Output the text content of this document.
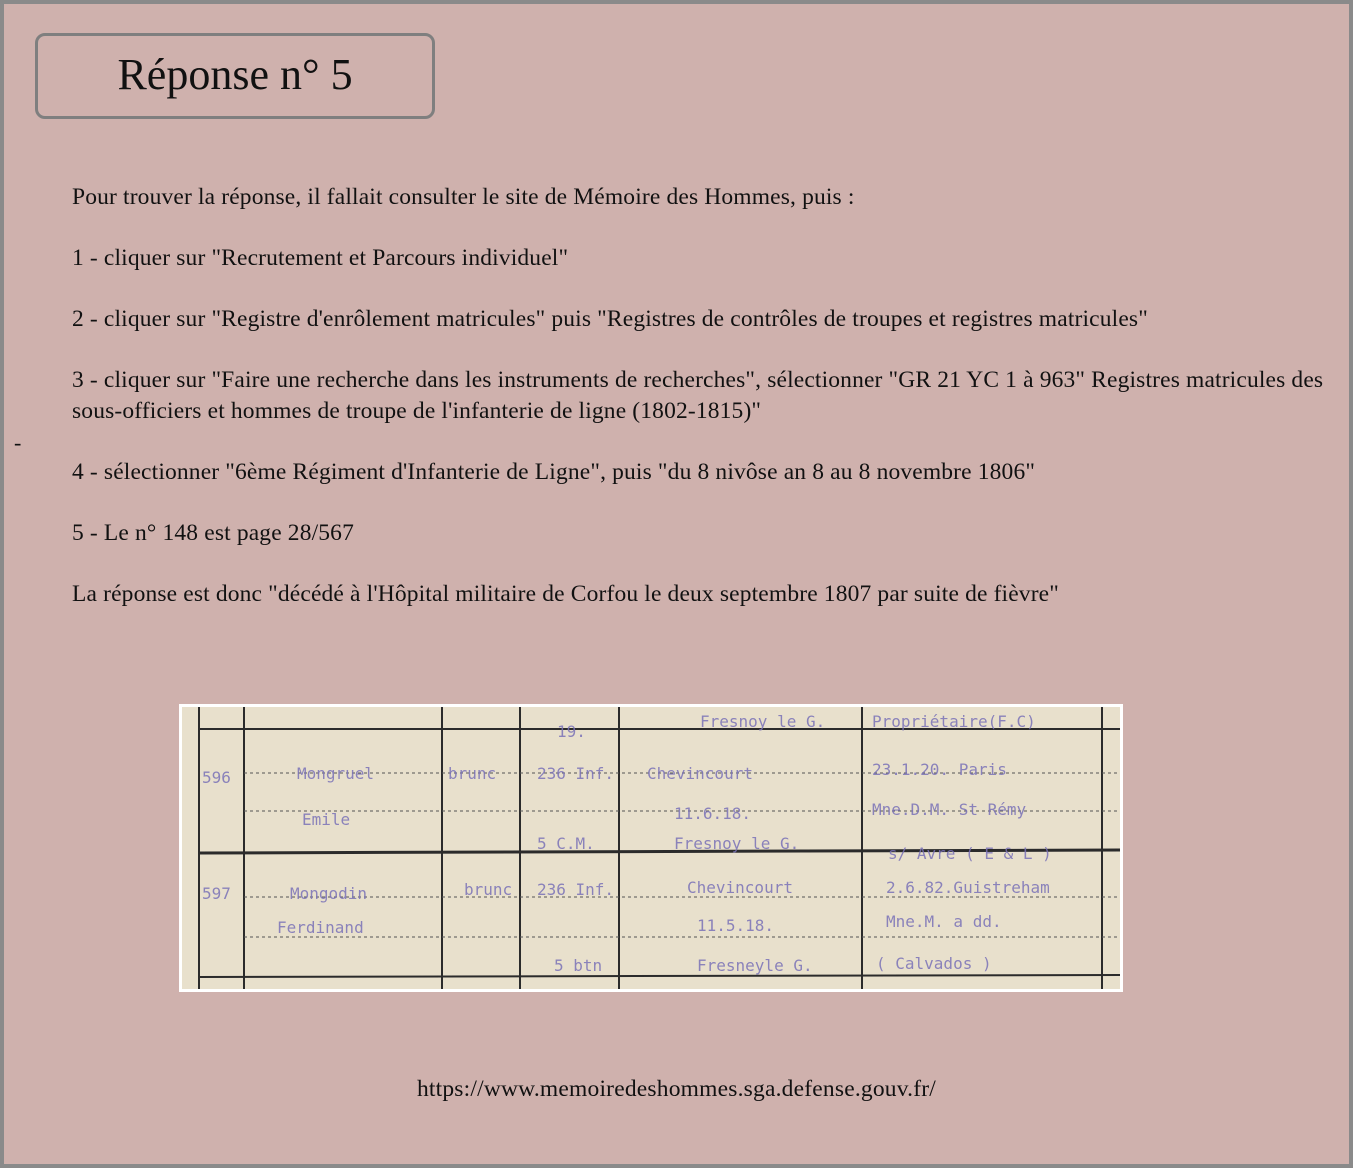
Réponse n° 5
-

Pour trouver la réponse, il fallait consulter le site de Mémoire des Hommes, puis :

1 - cliquer sur "Recrutement et Parcours individuel"

2 - cliquer sur "Registre d'enrôlement matricules" puis "Registres de contrôles de troupes et registres matricules"

3 - cliquer sur "Faire une recherche dans les instruments de recherches", sélectionner "GR 21 YC 1 à 963" Registres matricules des sous-officiers et hommes de troupe de l'infanterie de ligne (1802-1815)"

4 - sélectionner "6ème Régiment d'Infanterie de Ligne", puis "du 8 nivôse an 8 au 8 novembre 1806"

5 - Le n° 148 est page 28/567

La réponse est donc "décédé à l'Hôpital militaire de Corfou le deux septembre 1807 par suite de fièvre"

596	Mongruel
Emile
brunc
19.
236 Inf.
5 C.M.
Fresnoy le G.
Chevincourt
11.6.18.
Fresnoy le G.
Propriétaire(F.C)
23.1.20. Paris
Mne.D.M. St Rémy
s/ Avre ( E & L )
597	Mongodin
Ferdinand
brunc 236 Inf.
5 btn
Chevincourt
11.5.18.
Fresneyle G.
2.6.82.Guistreham
Mne.M. a dd.
( Calvados )
https://www.memoiredeshommes.sga.defense.gouv.fr/
